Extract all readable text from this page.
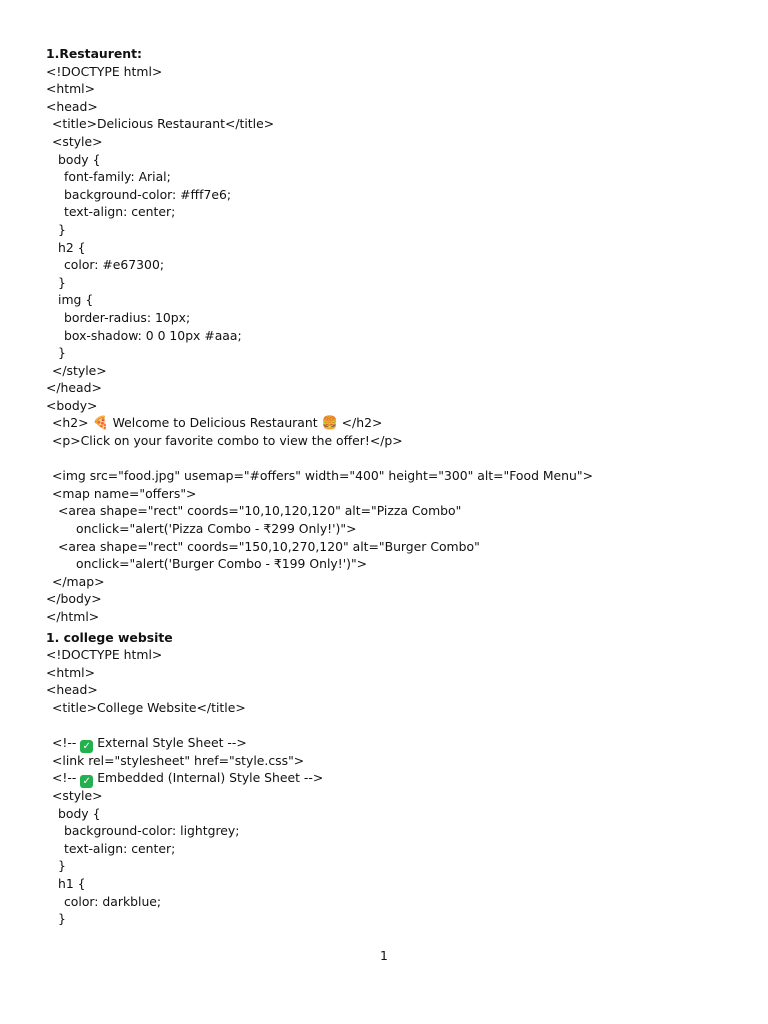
1.Restaurent:
<!DOCTYPE html>
<html>
<head>
<title>Delicious Restaurant</title>
<style>
body {
font-family: Arial;
background-color: #fff7e6;
text-align: center;
}
h2 {
color: #e67300;
}
img {
border-radius: 10px;
box-shadow: 0 0 10px #aaa;
}
</style>
</head>
<body>
<h2> 🍕 Welcome to Delicious Restaurant 🍔 </h2>
<p>Click on your favorite combo to view the offer!</p>
<img src="food.jpg" usemap="#offers" width="400" height="300" alt="Food Menu">
<map name="offers">
<area shape="rect" coords="10,10,120,120" alt="Pizza Combo"
onclick="alert('Pizza Combo - ₹299 Only!')">
<area shape="rect" coords="150,10,270,120" alt="Burger Combo"
onclick="alert('Burger Combo - ₹199 Only!')">
</map>
</body>
</html>
1. college website
<!DOCTYPE html>
<html>
<head>
<title>College Website</title>
<!-- ✓ External Style Sheet -->
<link rel="stylesheet" href="style.css">
<!-- ✓ Embedded (Internal) Style Sheet -->
<style>
body {
background-color: lightgrey;
text-align: center;
}
h1 {
color: darkblue;
}
1
